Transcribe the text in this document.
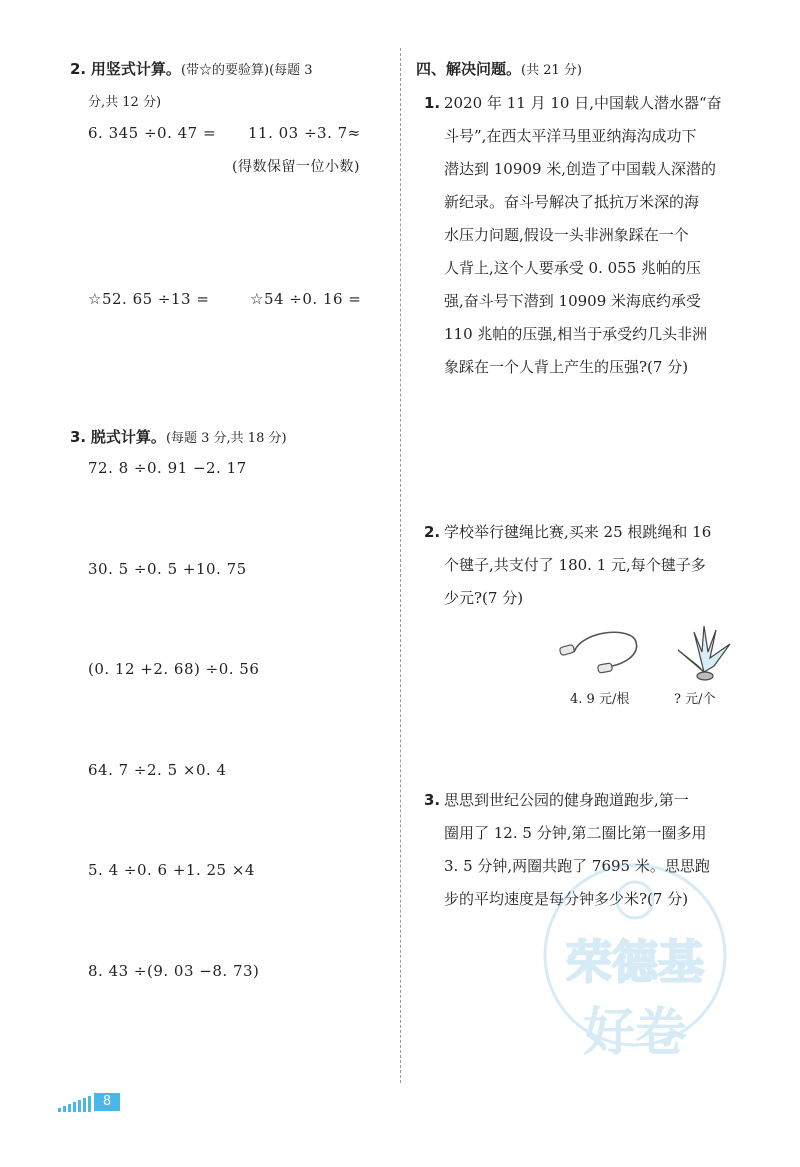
2. 用竖式计算。(带☆的要验算)(每题 3
分,共 12 分)
6. 345 ÷0. 47 = 11. 03 ÷3. 7≈
(得数保留一位小数)
☆52. 65 ÷13 =	☆54 ÷0. 16 =
3. 脱式计算。(每题 3 分,共 18 分)
72. 8 ÷0. 91 −2. 17
30. 5 ÷0. 5 +10. 75
(0. 12 +2. 68) ÷0. 56
64. 7 ÷2. 5 ×0. 4
5. 4 ÷0. 6 +1. 25 ×4
8. 43 ÷(9. 03 −8. 73)
四、解决问题。(共 21 分)
1. 2020 年 11 月 10 日,中国载人潜水器“奋
斗号”,在西太平洋马里亚纳海沟成功下
潜达到 10909 米,创造了中国载人深潜的
新纪录。奋斗号解决了抵抗万米深的海
水压力问题,假设一头非洲象踩在一个
人背上,这个人要承受 0. 055 兆帕的压
强,奋斗号下潜到 10909 米海底约承受
110 兆帕的压强,相当于承受约几头非洲
象踩在一个人背上产生的压强?(7 分)
2. 学校举行毽绳比赛,买来 25 根跳绳和 16
个毽子,共支付了 180. 1 元,每个毽子多
少元?(7 分)
4. 9 元/根	? 元/个
3. 思思到世纪公园的健身跑道跑步,第一
圈用了 12. 5 分钟,第二圈比第一圈多用
3. 5 分钟,两圈共跑了 7695 米。思思跑
步的平均速度是每分钟多少米?(7 分)
荣德基
好卷
8
